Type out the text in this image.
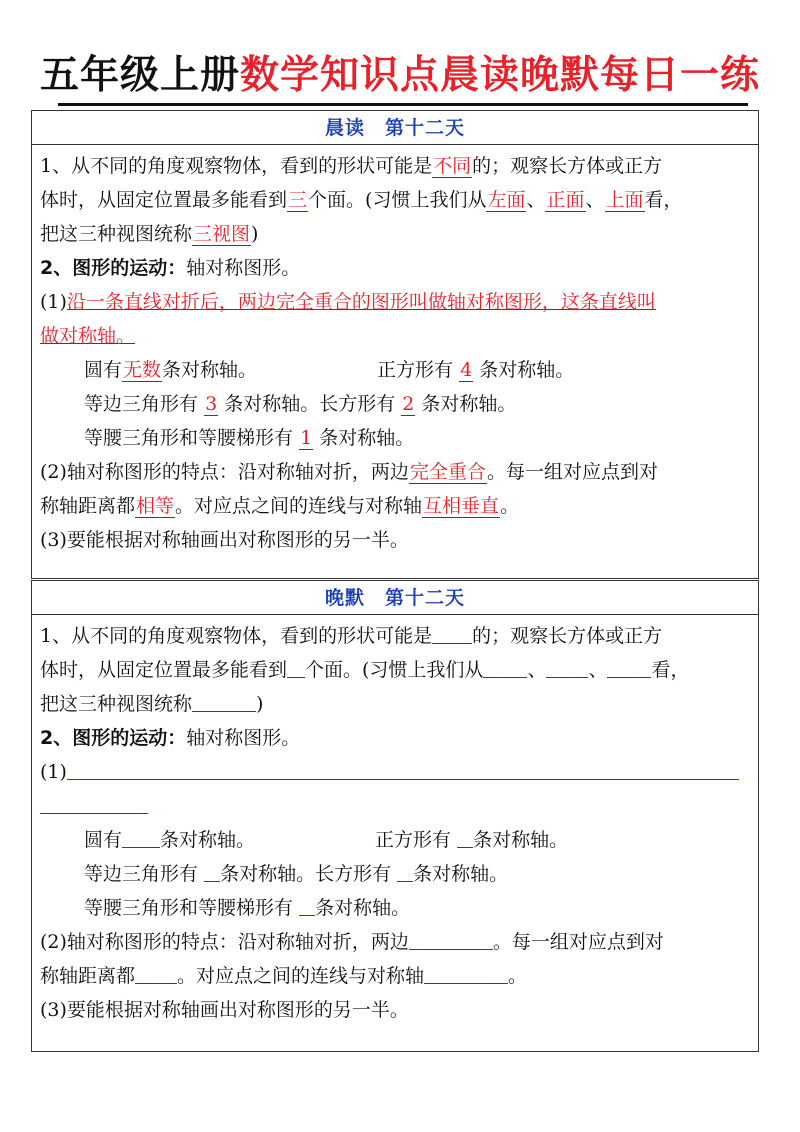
五年级上册数学知识点晨读晚默每日一练
晨读　第十二天
1、从不同的角度观察物体，看到的形状可能是不同的；观察长方体或正方
体时，从固定位置最多能看到三个面。(习惯上我们从左面、正面、上面看，
把这三种视图统称三视图)
2、图形的运动：轴对称图形。
(1)沿一条直线对折后，两边完全重合的图形叫做轴对称图形，这条直线叫
做对称轴。
圆有无数条对称轴。	正方形有 4 条对称轴。
等边三角形有 3 条对称轴。长方形有 2 条对称轴。
等腰三角形和等腰梯形有 1 条对称轴。
(2)轴对称图形的特点：沿对称轴对折，两边完全重合。每一组对应点到对
称轴距离都相等。对应点之间的连线与对称轴互相垂直。
(3)要能根据对称轴画出对称图形的另一半。
晚默　第十二天
1、从不同的角度观察物体，看到的形状可能是 的；观察长方体或正方
体时，从固定位置最多能看到 个面。(习惯上我们从 、 、 看，
把这三种视图统称	)
2、图形的运动：轴对称图形。
(1)
圆有 条对称轴。	正方形有 条对称轴。
等边三角形有 条对称轴。长方形有 条对称轴。
等腰三角形和等腰梯形有 条对称轴。
(2)轴对称图形的特点：沿对称轴对折，两边	。每一组对应点到对
称轴距离都 。对应点之间的连线与对称轴	。
(3)要能根据对称轴画出对称图形的另一半。
